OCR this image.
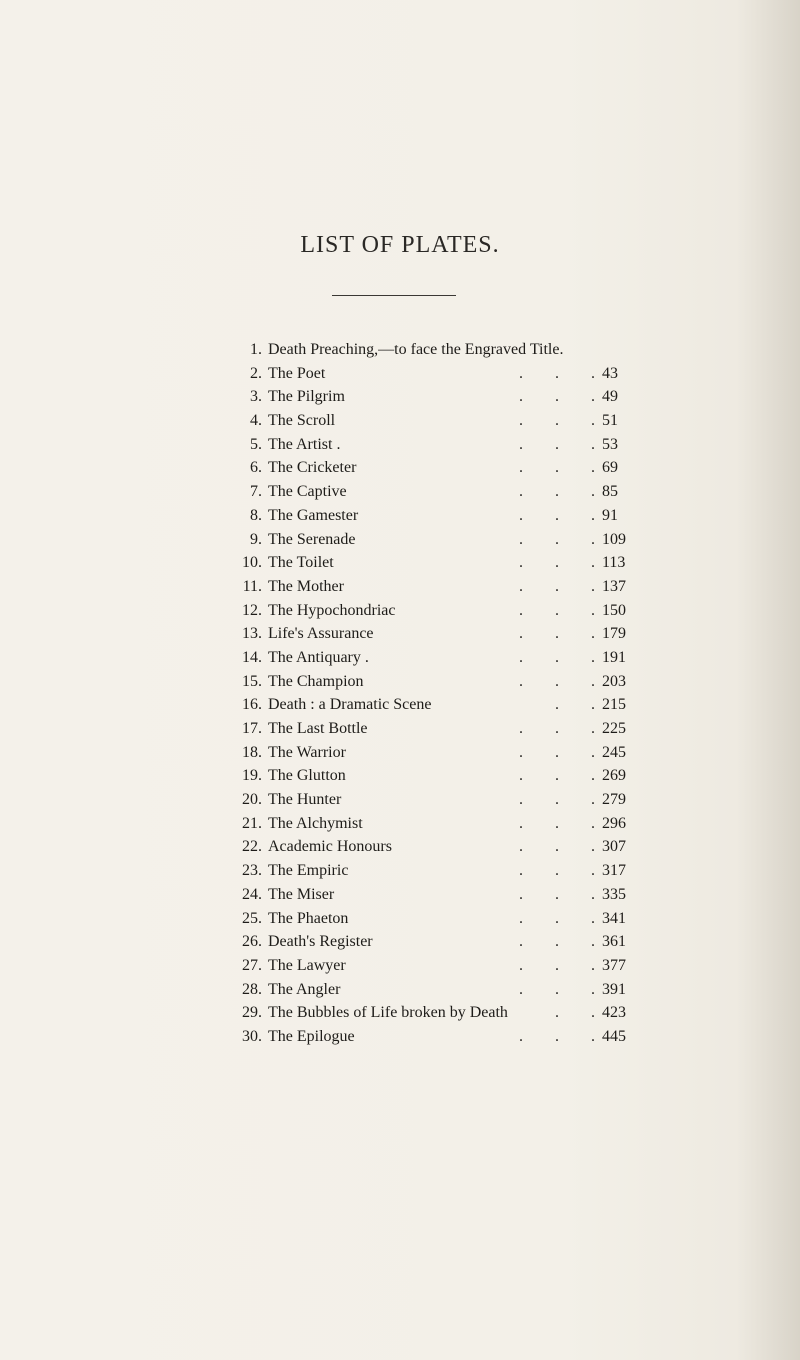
LIST OF PLATES.
1. Death Preaching,—to face the Engraved Title.
2. The Poet	.  .  . 43
3. The Pilgrim	.  .  . 49
4. The Scroll	.  .  . 51
5. The Artist .	.  .  . 53
6. The Cricketer	.  .  . 69
7. The Captive	.  .  . 85
8. The Gamester	.  .  . 91
9. The Serenade	.  .  . 109
10. The Toilet	.  .  . 113
11. The Mother	.  .  . 137
12. The Hypochondriac	.  .  . 150
13. Life's Assurance	.  .  . 179
14. The Antiquary .	.  .  . 191
15. The Champion	.  .  . 203
16. Death : a Dramatic Scene	.  . 215
17. The Last Bottle	.  .  . 225
18. The Warrior	.  .  . 245
19. The Glutton	.  .  . 269
20. The Hunter	.  .  . 279
21. The Alchymist	.  .  . 296
22. Academic Honours	.  .  . 307
23. The Empiric	.  .  . 317
24. The Miser	.  .  . 335
25. The Phaeton	.  .  . 341
26. Death's Register	.  .  . 361
27. The Lawyer	.  .  . 377
28. The Angler	.  .  . 391
29. The Bubbles of Life broken by Death	.  . 423
30. The Epilogue	.  .  . 445
